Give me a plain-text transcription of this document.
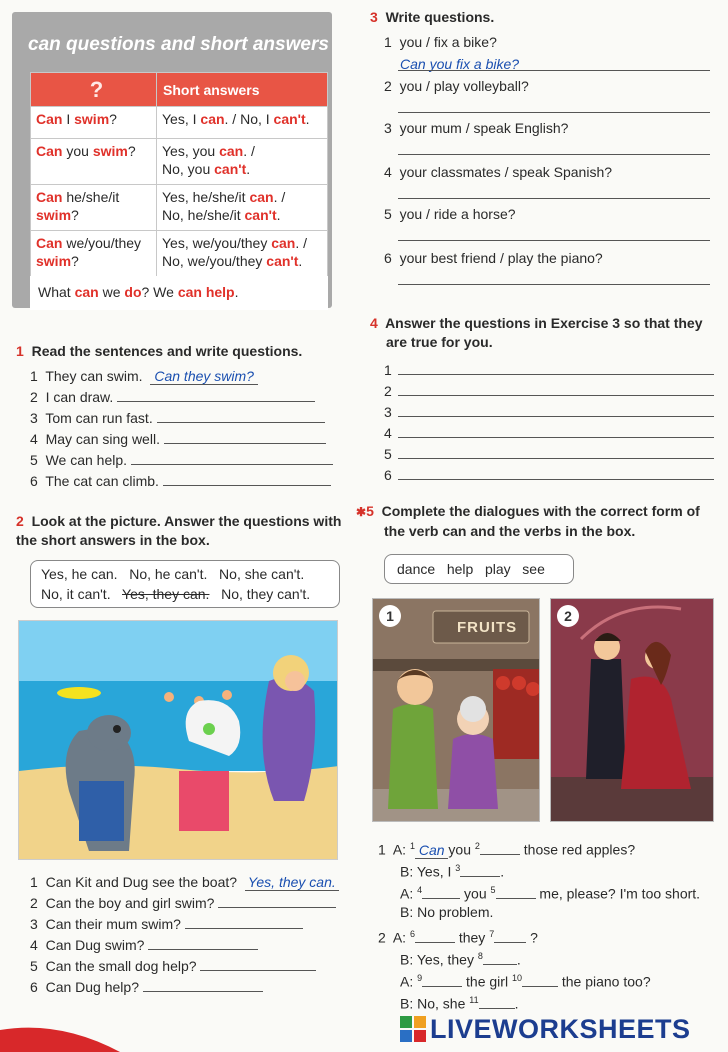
can questions and short answers
?	Short answers
Can I swim?	Yes, I can. / No, I can't.
Can you swim?	Yes, you can. /
No, you can't.
Can he/she/it
swim?	Yes, he/she/it can. /
No, he/she/it can't.
Can we/you/they
swim?	Yes, we/you/they can. /
No, we/you/they can't.
What can we do? We can help.
1 Read the sentences and write questions.
1 They can swim. Can they swim?
2 I can draw.
3 Tom can run fast.
4 May can sing well.
5 We can help.
6 The cat can climb.
2 Look at the picture. Answer the questions with the short answers in the box.
Yes, he can.   No, he can't.   No, she can't.
No, it can't.   Yes, they can.   No, they can't.
1 Can Kit and Dug see the boat? Yes, they can.
2 Can the boy and girl swim?
3 Can their mum swim?
4 Can Dug swim?
5 Can the small dog help?
6 Can Dug help?
3 Write questions.
1 you / fix a bike?
Can you fix a bike?
2 you / play volleyball?
3 your mum / speak English?
4 your classmates / speak Spanish?
5 you / ride a horse?
6 your best friend / play the piano?
4 Answer the questions in Exercise 3 so that they
are true for you.
1
2
3
4
5
6
✱5 Complete the dialogues with the correct form of
the verb can and the verbs in the box.
dance   help   play   see
1
FRUITS
2
1 A: $^1$ Can you $^2$	those red apples?
B: Yes, I $^3$	.
A: $^4$	you $^5$	me, please? I'm too short.
B: No problem.
2 A: $^6$	they $^7$ ?
B: Yes, they $^8$ .
A: $^9$	the girl $^{10}$	the piano too?
B: No, she $^{11}$	.
LIVEWORKSHEETS
